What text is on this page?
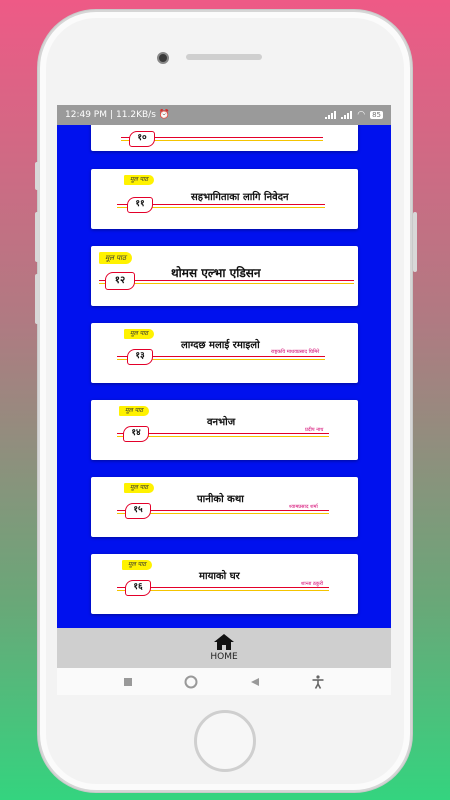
12:49 PM | 11.2KB/s ⏰	◠ 85
१०
मूल पाठ
सहभागिताका लागि निवेदन
११
मूल पाठ
थोमस एल्भा एडिसन
१२
मूल पाठ
लाग्दछ मलाई रमाइलो
राष्ट्रकवि माधवप्रसाद घिमिरे
१३
मूल पाठ
वनभोज
प्रदीप नाथ
१४
मूल पाठ
पानीको कथा
श्यामप्रसाद शर्मा
१५
मूल पाठ
मायाको घर
शान्ता ठकुरी
१६
HOME
